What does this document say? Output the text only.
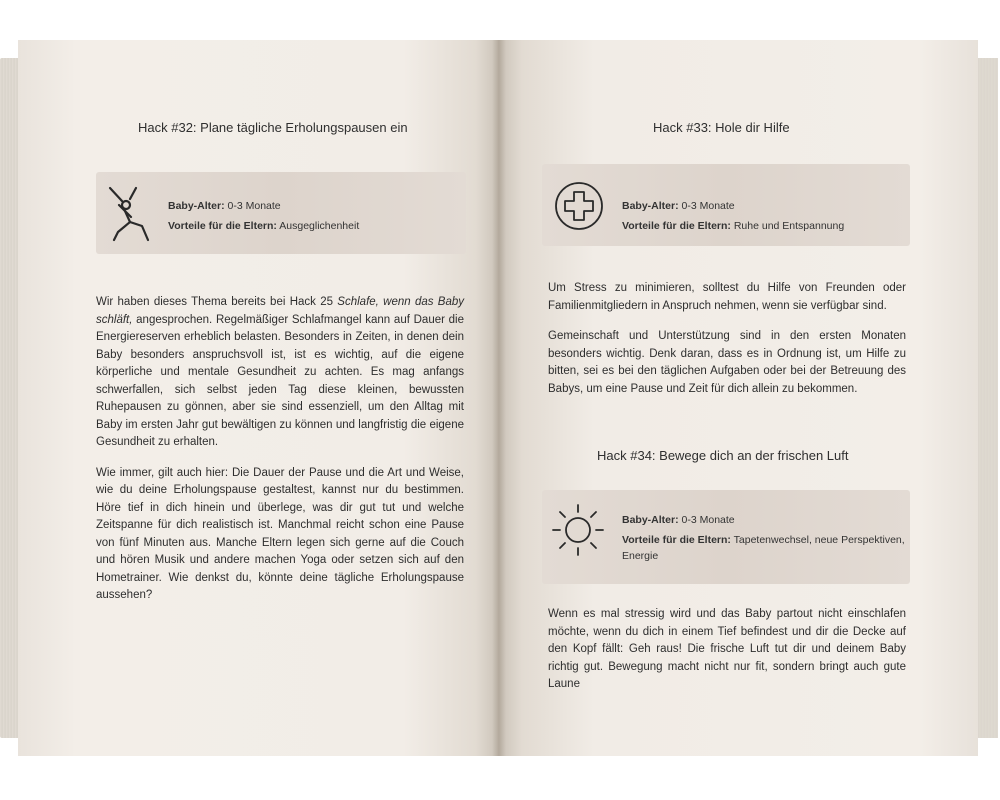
Hack #32: Plane tägliche Erholungspausen ein
Baby-Alter: 0-3 Monate
Vorteile für die Eltern: Ausgeglichenheit

Wir haben dieses Thema bereits bei Hack 25 Schlafe, wenn das Baby schläft, angesprochen. Regelmäßiger Schlafmangel kann auf Dauer die Energiereserven erheblich belasten. Besonders in Zeiten, in denen dein Baby besonders anspruchsvoll ist, ist es wichtig, auf die eigene körperliche und mentale Gesundheit zu achten. Es mag anfangs schwerfallen, sich selbst jeden Tag diese kleinen, bewussten Ruhepausen zu gönnen, aber sie sind essenziell, um den Alltag mit Baby im ersten Jahr gut bewältigen zu können und langfristig die eigene Gesundheit zu erhalten.

Wie immer, gilt auch hier: Die Dauer der Pause und die Art und Weise, wie du deine Erholungspause gestaltest, kannst nur du bestimmen. Höre tief in dich hinein und überlege, was dir gut tut und welche Zeitspanne für dich realistisch ist. Manchmal reicht schon eine Pause von fünf Minuten aus. Manche Eltern legen sich gerne auf die Couch und hören Musik und andere machen Yoga oder setzen sich auf den Hometrainer. Wie denkst du, könnte deine tägliche Erholungspause aussehen?

Hack #33: Hole dir Hilfe
Baby-Alter: 0-3 Monate
Vorteile für die Eltern: Ruhe und Entspannung

Um Stress zu minimieren, solltest du Hilfe von Freunden oder Familienmitgliedern in Anspruch nehmen, wenn sie verfügbar sind.

Gemeinschaft und Unterstützung sind in den ersten Monaten besonders wichtig. Denk daran, dass es in Ordnung ist, um Hilfe zu bitten, sei es bei den täglichen Aufgaben oder bei der Betreuung des Babys, um eine Pause und Zeit für dich allein zu bekommen.

Hack #34: Bewege dich an der frischen Luft
Baby-Alter: 0-3 Monate
Vorteile für die Eltern: Tapetenwechsel, neue Perspektiven, Energie

Wenn es mal stressig wird und das Baby partout nicht einschlafen möchte, wenn du dich in einem Tief befindest und dir die Decke auf den Kopf fällt: Geh raus! Die frische Luft tut dir und deinem Baby richtig gut. Bewegung macht nicht nur fit, sondern bringt auch gute Laune
